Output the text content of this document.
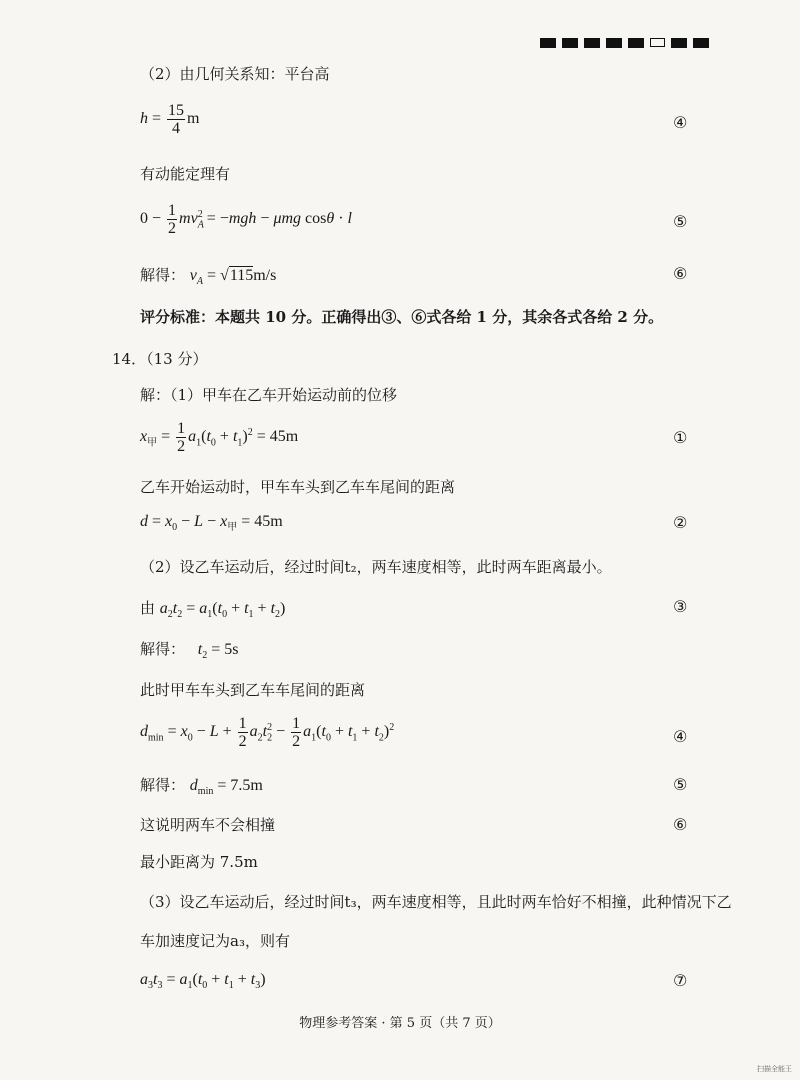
（2）由几何关系知：平台高
$h = \frac{15}{4}$ m	④
有动能定理有
$0 - \frac{1}{2} mv_A^2 = -mgh - \mu mg$ cosθ · l	⑤
解得： $v_A = √115m/s$	⑥
评分标准：本题共 10 分。正确得出③、⑥式各给 1 分，其余各式各给 2 分。
14．（13 分）
解：（1）甲车在乙车开始运动前的位移
$x_甲 = \frac{1}{2} a_1(t_0 + t_1)^2 = 45m$	①
乙车开始运动时，甲车车头到乙车车尾间的距离
$d = x_0 - L - x_甲 = 45m$	②
（2）设乙车运动后，经过时间t₂，两车速度相等，此时两车距离最小。
由 $a_2t_2 = a_1(t_0 + t_1 + t_2)$	③
解得： $t_2 = 5s$
此时甲车车头到乙车车尾间的距离
$d_{min} = x_0 - L + \frac{1}{2} a_2t_2^2 - \frac{1}{2} a_1(t_0 + t_1 + t_2)^2$	④
解得： $d_{min} = 7.5m$	⑤
这说明两车不会相撞	⑥
最小距离为 7.5m
（3）设乙车运动后，经过时间t₃，两车速度相等，且此时两车恰好不相撞，此种情况下乙
车加速度记为a₃，则有
$a_3t_3 = a_1(t_0 + t_1 + t_3)$	⑦
物理参考答案 · 第 5 页（共 7 页）
扫描全能王
